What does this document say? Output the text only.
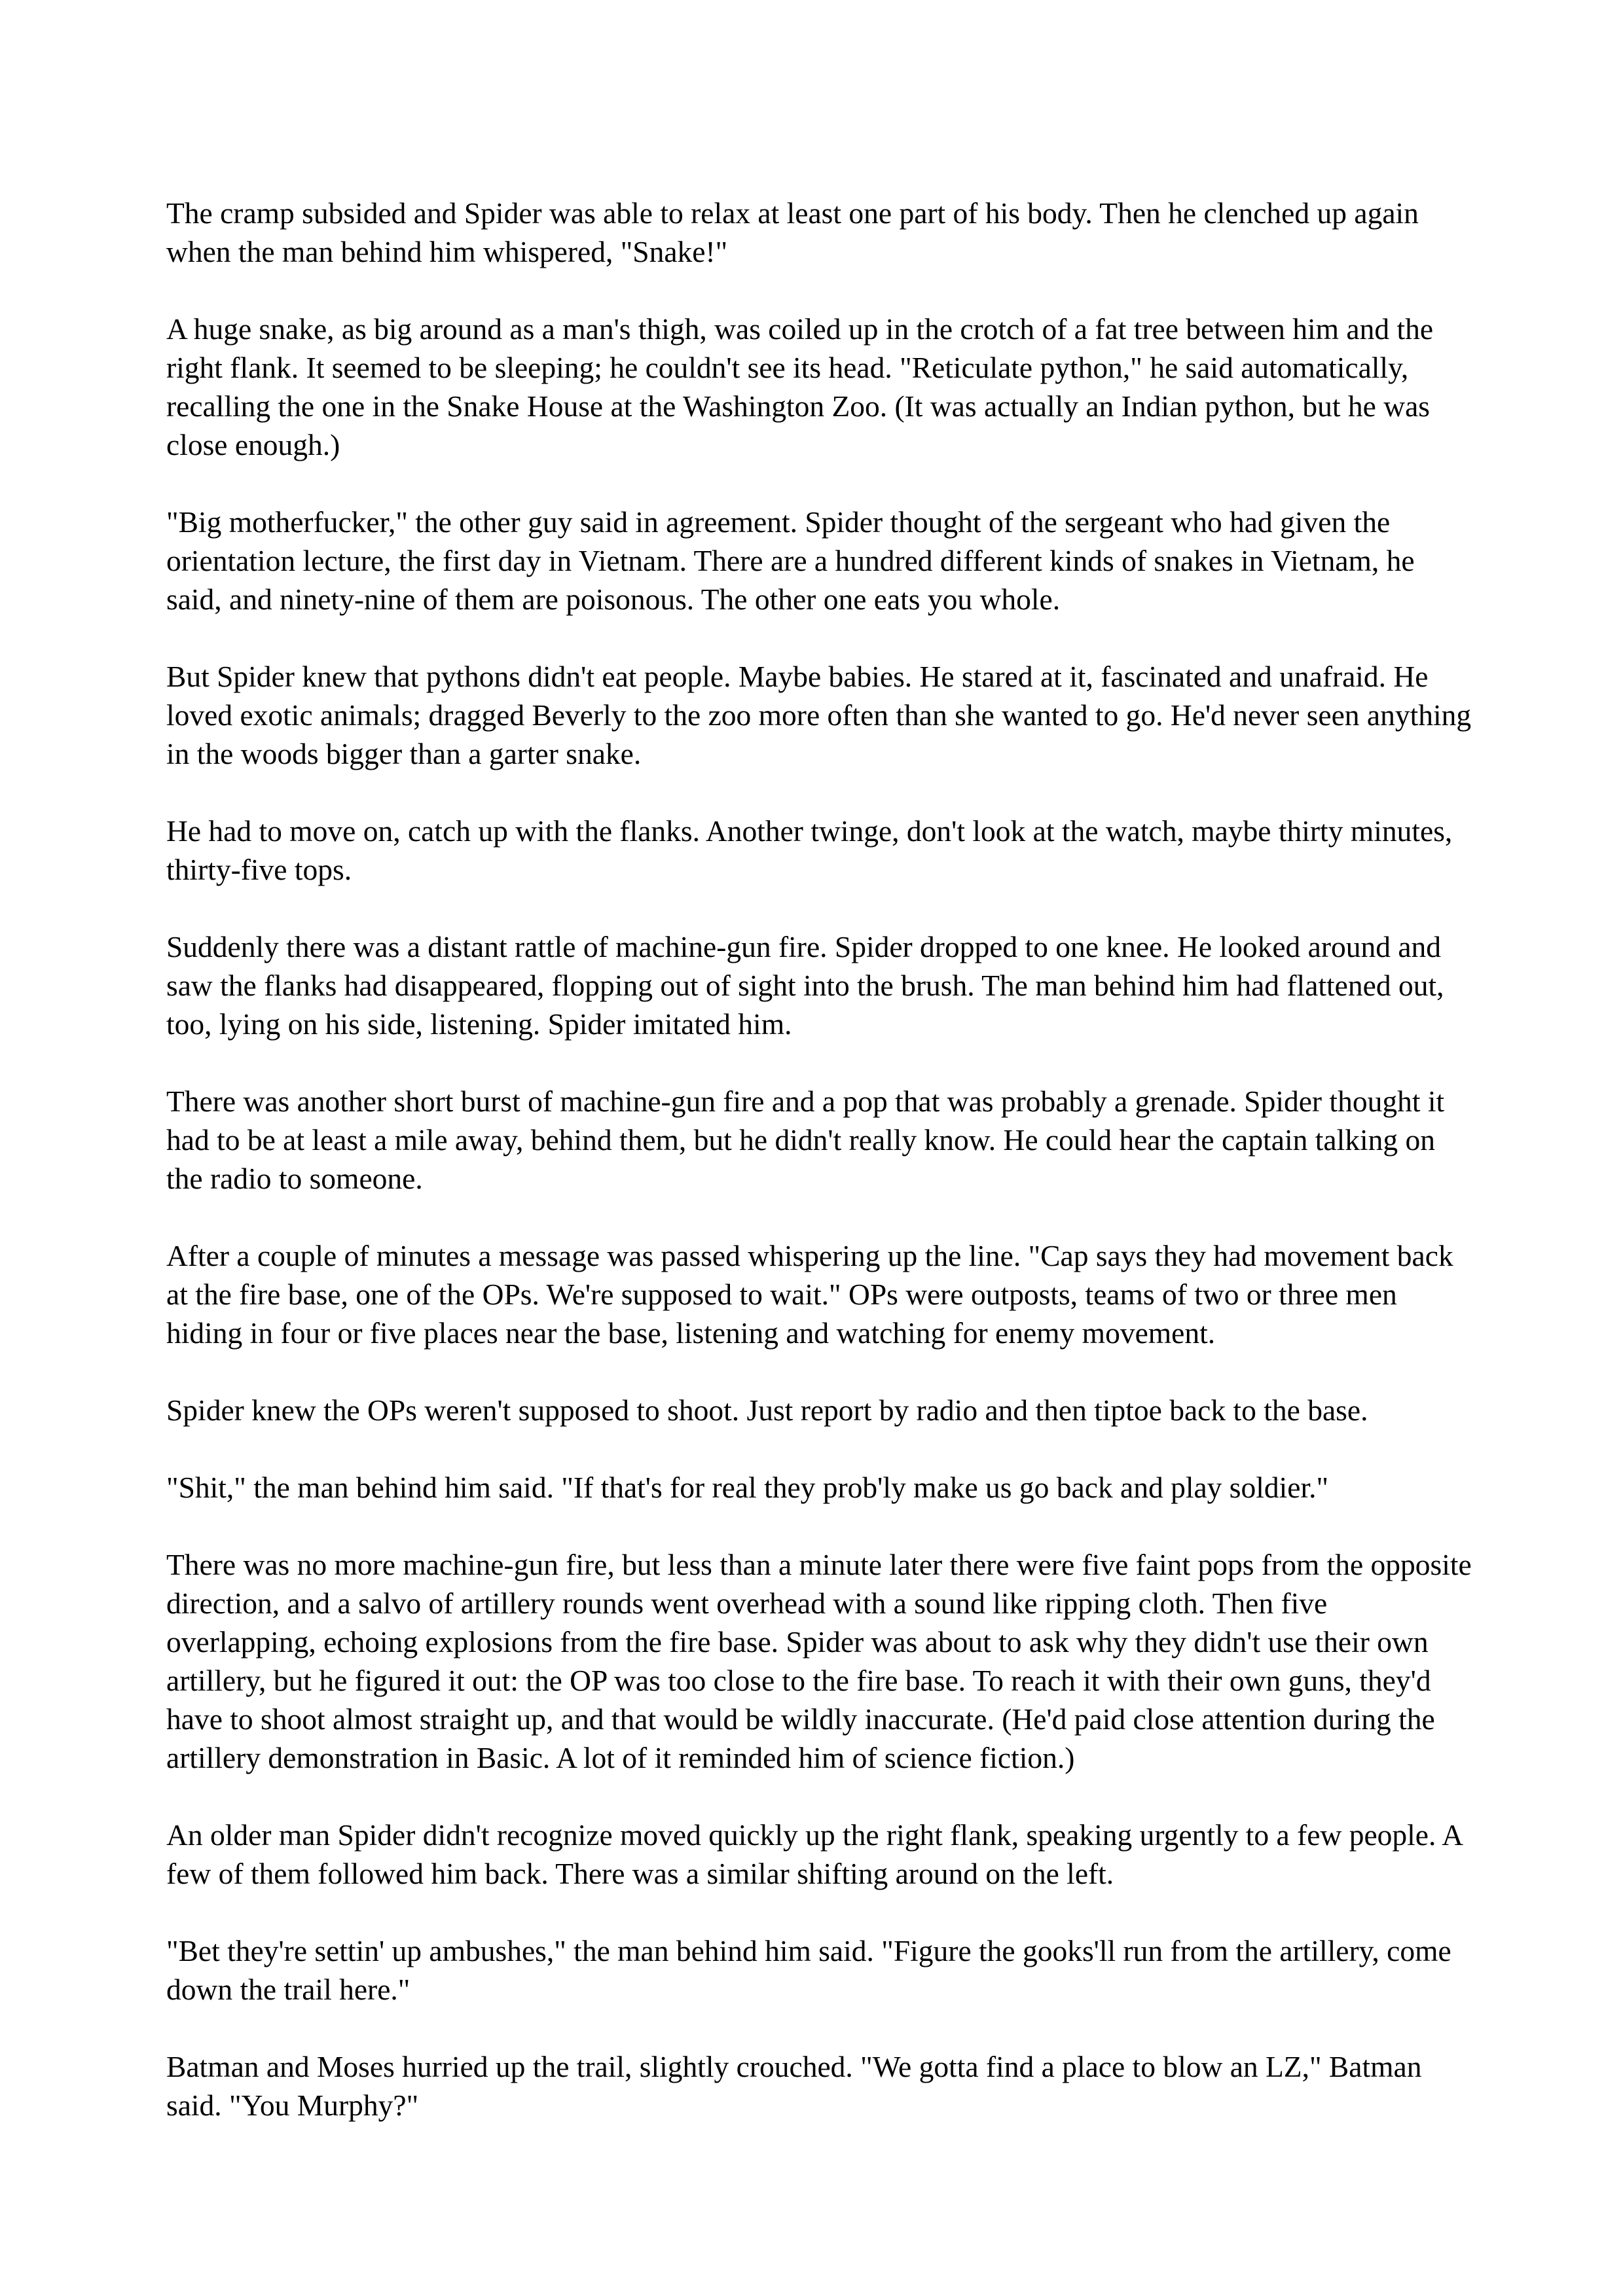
The cramp subsided and Spider was able to relax at least one part of his body. Then he clenched up again when the man behind him whispered, "Snake!"

A huge snake, as big around as a man's thigh, was coiled up in the crotch of a fat tree between him and the right flank. It seemed to be sleeping; he couldn't see its head. "Reticulate python," he said automatically, recalling the one in the Snake House at the Washington Zoo. (It was actually an Indian python, but he was close enough.)

"Big motherfucker," the other guy said in agreement. Spider thought of the sergeant who had given the orientation lecture, the first day in Vietnam. There are a hundred different kinds of snakes in Vietnam, he said, and ninety-nine of them are poisonous. The other one eats you whole.

But Spider knew that pythons didn't eat people. Maybe babies. He stared at it, fascinated and unafraid. He loved exotic animals; dragged Beverly to the zoo more often than she wanted to go. He'd never seen anything in the woods bigger than a garter snake.

He had to move on, catch up with the flanks. Another twinge, don't look at the watch, maybe thirty minutes, thirty-five tops.

Suddenly there was a distant rattle of machine-gun fire. Spider dropped to one knee. He looked around and saw the flanks had disappeared, flopping out of sight into the brush. The man behind him had flattened out, too, lying on his side, listening. Spider imitated him.

There was another short burst of machine-gun fire and a pop that was probably a grenade. Spider thought it had to be at least a mile away, behind them, but he didn't really know. He could hear the captain talking on the radio to someone.

After a couple of minutes a message was passed whispering up the line. "Cap says they had movement back at the fire base, one of the OPs. We're supposed to wait." OPs were outposts, teams of two or three men hiding in four or five places near the base, listening and watching for enemy movement.

Spider knew the OPs weren't supposed to shoot. Just report by radio and then tiptoe back to the base.

"Shit," the man behind him said. "If that's for real they prob'ly make us go back and play soldier."

There was no more machine-gun fire, but less than a minute later there were five faint pops from the opposite direction, and a salvo of artillery rounds went overhead with a sound like ripping cloth. Then five overlapping, echoing explosions from the fire base. Spider was about to ask why they didn't use their own artillery, but he figured it out: the OP was too close to the fire base. To reach it with their own guns, they'd have to shoot almost straight up, and that would be wildly inaccurate. (He'd paid close attention during the artillery demonstration in Basic. A lot of it reminded him of science fiction.)

An older man Spider didn't recognize moved quickly up the right flank, speaking urgently to a few people. A few of them followed him back. There was a similar shifting around on the left.

"Bet they're settin' up ambushes," the man behind him said. "Figure the gooks'll run from the artillery, come down the trail here."

Batman and Moses hurried up the trail, slightly crouched. "We gotta find a place to blow an LZ," Batman said. "You Murphy?"
